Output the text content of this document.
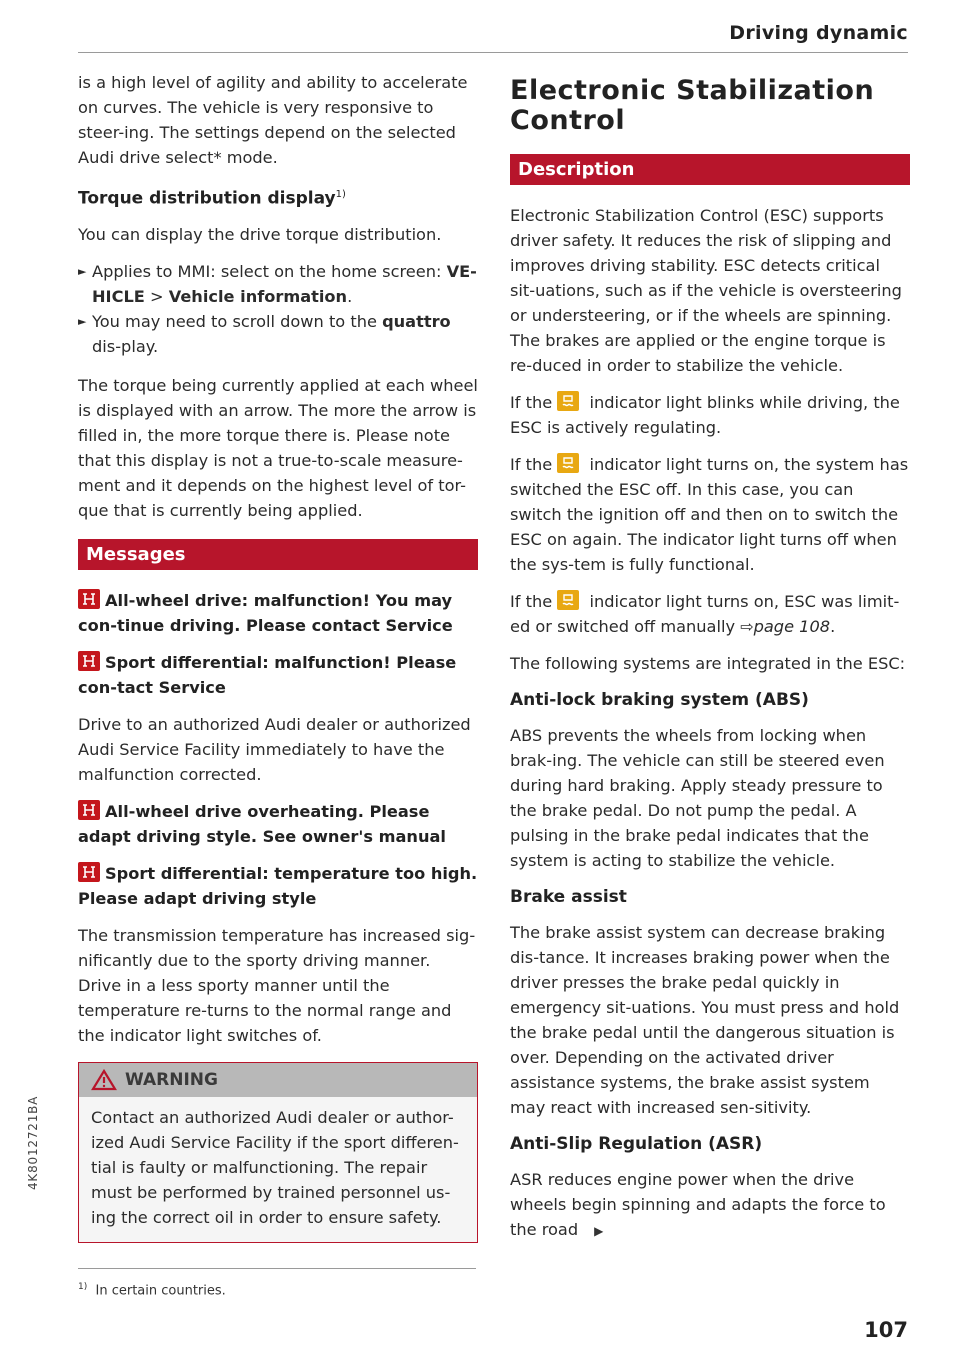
Driving dynamic

is a high level of agility and ability to accelerate on curves. The vehicle is very responsive to steer-ing. The settings depend on the selected Audi drive select* mode.

Torque distribution display$^{1)}$

You can display the drive torque distribution.

► Applies to MMI: select on the home screen: VE-HICLE > Vehicle information.
► You may need to scroll down to the quattro dis-play.

The torque being currently applied at each wheel is displayed with an arrow. The more the arrow is filled in, the more torque there is. Please note that this display is not a true-to-scale measure-ment and it depends on the highest level of tor-que that is currently being applied.

Messages
All-wheel drive: malfunction! You may con-tinue driving. Please contact Service
Sport differential: malfunction! Please con-tact Service

Drive to an authorized Audi dealer or authorized Audi Service Facility immediately to have the malfunction corrected.

All-wheel drive overheating. Please adapt driving style. See owner's manual
Sport differential: temperature too high. Please adapt driving style

The transmission temperature has increased sig-nificantly due to the sporty driving manner. Drive in a less sporty manner until the temperature re-turns to the normal range and the indicator light switches of.

WARNING

Contact an authorized Audi dealer or author-ized Audi Service Facility if the sport differen-tial is faulty or malfunctioning. The repair must be performed by trained personnel us-ing the correct oil in order to ensure safety.

Electronic Stabilization Control
Description

Electronic Stabilization Control (ESC) supports driver safety. It reduces the risk of slipping and improves driving stability. ESC detects critical sit-uations, such as if the vehicle is oversteering or understeering, or if the wheels are spinning. The brakes are applied or the engine torque is re-duced in order to stabilize the vehicle.

If the
indicator light blinks while driving, the ESC is actively regulating.

If the
indicator light turns on, the system has switched the ESC off. In this case, you can switch the ignition off and then on to switch the ESC on again. The indicator light turns off when the sys-tem is fully functional.

If the
indicator light turns on, ESC was limit-ed or switched off manually ⇨page 108.

The following systems are integrated in the ESC:

Anti-lock braking system (ABS)

ABS prevents the wheels from locking when brak-ing. The vehicle can still be steered even during hard braking. Apply steady pressure to the brake pedal. Do not pump the pedal. A pulsing in the brake pedal indicates that the system is acting to stabilize the vehicle.

Brake assist

The brake assist system can decrease braking dis-tance. It increases braking power when the driver presses the brake pedal quickly in emergency sit-uations. You must press and hold the brake pedal until the dangerous situation is over. Depending on the activated driver assistance systems, the brake assist system may react with increased sen-sitivity.

Anti-Slip Regulation (ASR)

ASR reduces engine power when the drive wheels begin spinning and adapts the force to the road ▶

$^{1)}$ In certain countries.
107
4K8012721BA
